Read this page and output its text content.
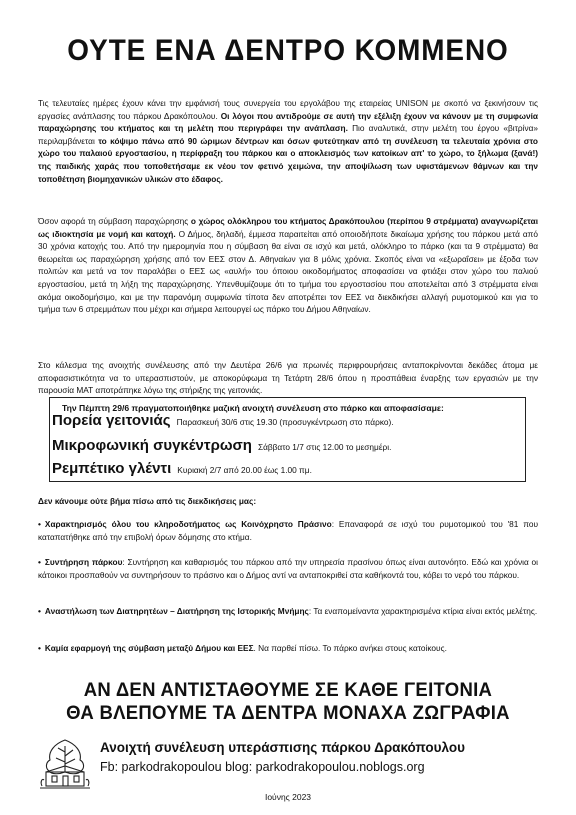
ΟΥΤΕ ΕΝΑ ΔΕΝΤΡΟ ΚΟΜΜΕΝΟ

Τις τελευταίες ημέρες έχουν κάνει την εμφάνισή τους συνεργεία του εργολάβου της εταιρείας UNISON με σκοπό να ξεκινήσουν τις εργασίες ανάπλασης του πάρκου Δρακόπουλου. Οι λόγοι που αντιδρούμε σε αυτή την εξέλιξη έχουν να κάνουν με τη συμφωνία παραχώρησης του κτήματος και τη μελέτη που περιγράφει την ανάπλαση. Πιο αναλυτικά, στην μελέτη του έργου «βιτρίνα» περιλαμβάνεται το κόψιμο πάνω από 90 ώριμων δέντρων και όσων φυτεύτηκαν από τη συνέλευση τα τελευταία χρόνια στο χώρο του παλαιού εργοστασίου, η περίφραξη του πάρκου και ο αποκλεισμός των κατοίκων απ' το χώρο, το ξήλωμα (ξανά!) της παιδικής χαράς που τοποθετήσαμε εκ νέου τον φετινό χειμώνα, την αποψίλωση των υφιστάμενων θάμνων και την τοποθέτηση βιομηχανικών υλικών στο έδαφος.

Όσον αφορά τη σύμβαση παραχώρησης ο χώρος ολόκληρου του κτήματος Δρακόπουλου (περίπου 9 στρέμματα) αναγνωρίζεται ως ιδιοκτησία με νομή και κατοχή. Ο Δήμος, δηλαδή, έμμεσα παραιτείται από οποιοδήποτε δικαίωμα χρήσης του πάρκου μετά από 30 χρόνια κατοχής του. Από την ημερομηνία που η σύμβαση θα είναι σε ισχύ και μετά, ολόκληρο το πάρκο (και τα 9 στρέμματα) θα θεωρείται ως παραχώρηση χρήσης από τον ΕΕΣ στον Δ. Αθηναίων για 8 μόλις χρόνια. Σκοπός είναι να «εξωραΐσει» με έξοδα των πολιτών και μετά να τον παραλάβει ο ΕΕΣ ως «αυλή» του όποιου οικοδομήματος αποφασίσει να φτιάξει στον χώρο του παλιού εργοστασίου, μετά τη λήξη της παραχώρησης. Υπενθυμίζουμε ότι το τμήμα του εργοστασίου που αποτελείται από 3 στρέμματα είναι ακόμα οικοδομήσιμο, και με την παρανόμη συμφωνία τίποτα δεν αποτρέπει τον ΕΕΣ να διεκδικήσει αλλαγή ρυμοτομικού και για το τμήμα των 6 στρεμμάτων που μέχρι και σήμερα λειτουργεί ως πάρκο του Δήμου Αθηναίων.

Στο κάλεσμα της ανοιχτής συνέλευσης από την Δευτέρα 26/6 για πρωινές περιφρουρήσεις ανταποκρίνονται δεκάδες άτομα με αποφασιστικότητα να το υπερασπιστούν, με αποκορύφωμα τη Τετάρτη 28/6 όπου η προσπάθεια έναρξης των εργασιών με την παρουσία ΜΑΤ αποτράπηκε λόγω της στήριξης της γειτονιάς.

Την Πέμπτη 29/6 πραγματοποιήθηκε μαζική ανοιχτή συνέλευση στο πάρκο και αποφασίσαμε:
Πορεία γειτονιάς Παρασκευή 30/6 στις 19.30 (προσυγκέντρωση στο πάρκο).
Μικροφωνική συγκέντρωση Σάββατο 1/7 στις 12.00 το μεσημέρι.
Ρεμπέτικο γλέντι Κυριακή 2/7 από 20.00 έως 1.00 πμ.
Δεν κάνουμε ούτε βήμα πίσω από τις διεκδικήσεις μας:
• Χαρακτηρισμός όλου του κληροδοτήματος ως Κοινόχρηστο Πράσινο: Επαναφορά σε ισχύ του ρυμοτομικού του '81 που καταπατήθηκε από την επιβολή όρων δόμησης στο κτήμα.
• Συντήρηση πάρκου: Συντήρηση και καθαρισμός του πάρκου από την υπηρεσία πρασίνου όπως είναι αυτονόητο. Εδώ και χρόνια οι κάτοικοι προσπαθούν να συντηρήσουν το πράσινο και ο Δήμος αντί να ανταποκριθεί στα καθήκοντά του, κόβει το νερό του πάρκου.
• Αναστήλωση των Διατηρητέων – Διατήρηση της Ιστορικής Μνήμης: Τα εναπομείναντα χαρακτηρισμένα κτίρια είναι εκτός μελέτης.
• Καμία εφαρμογή της σύμβαση μεταξύ Δήμου και ΕΕΣ. Να παρθεί πίσω. Το πάρκο ανήκει στους κατοίκους.
ΑΝ ΔΕΝ ΑΝΤΙΣΤΑΘΟΥΜΕ ΣΕ ΚΑΘΕ ΓΕΙΤΟΝΙΑ
ΘΑ ΒΛΕΠΟΥΜΕ ΤΑ ΔΕΝΤΡΑ ΜΟΝΑΧΑ ΖΩΓΡΑΦΙΑ
Ανοιχτή συνέλευση υπεράσπισης πάρκου Δρακόπουλου
Fb: parkodrakopoulou blog: parkodrakopoulou.noblogs.org
Ιούνης 2023
